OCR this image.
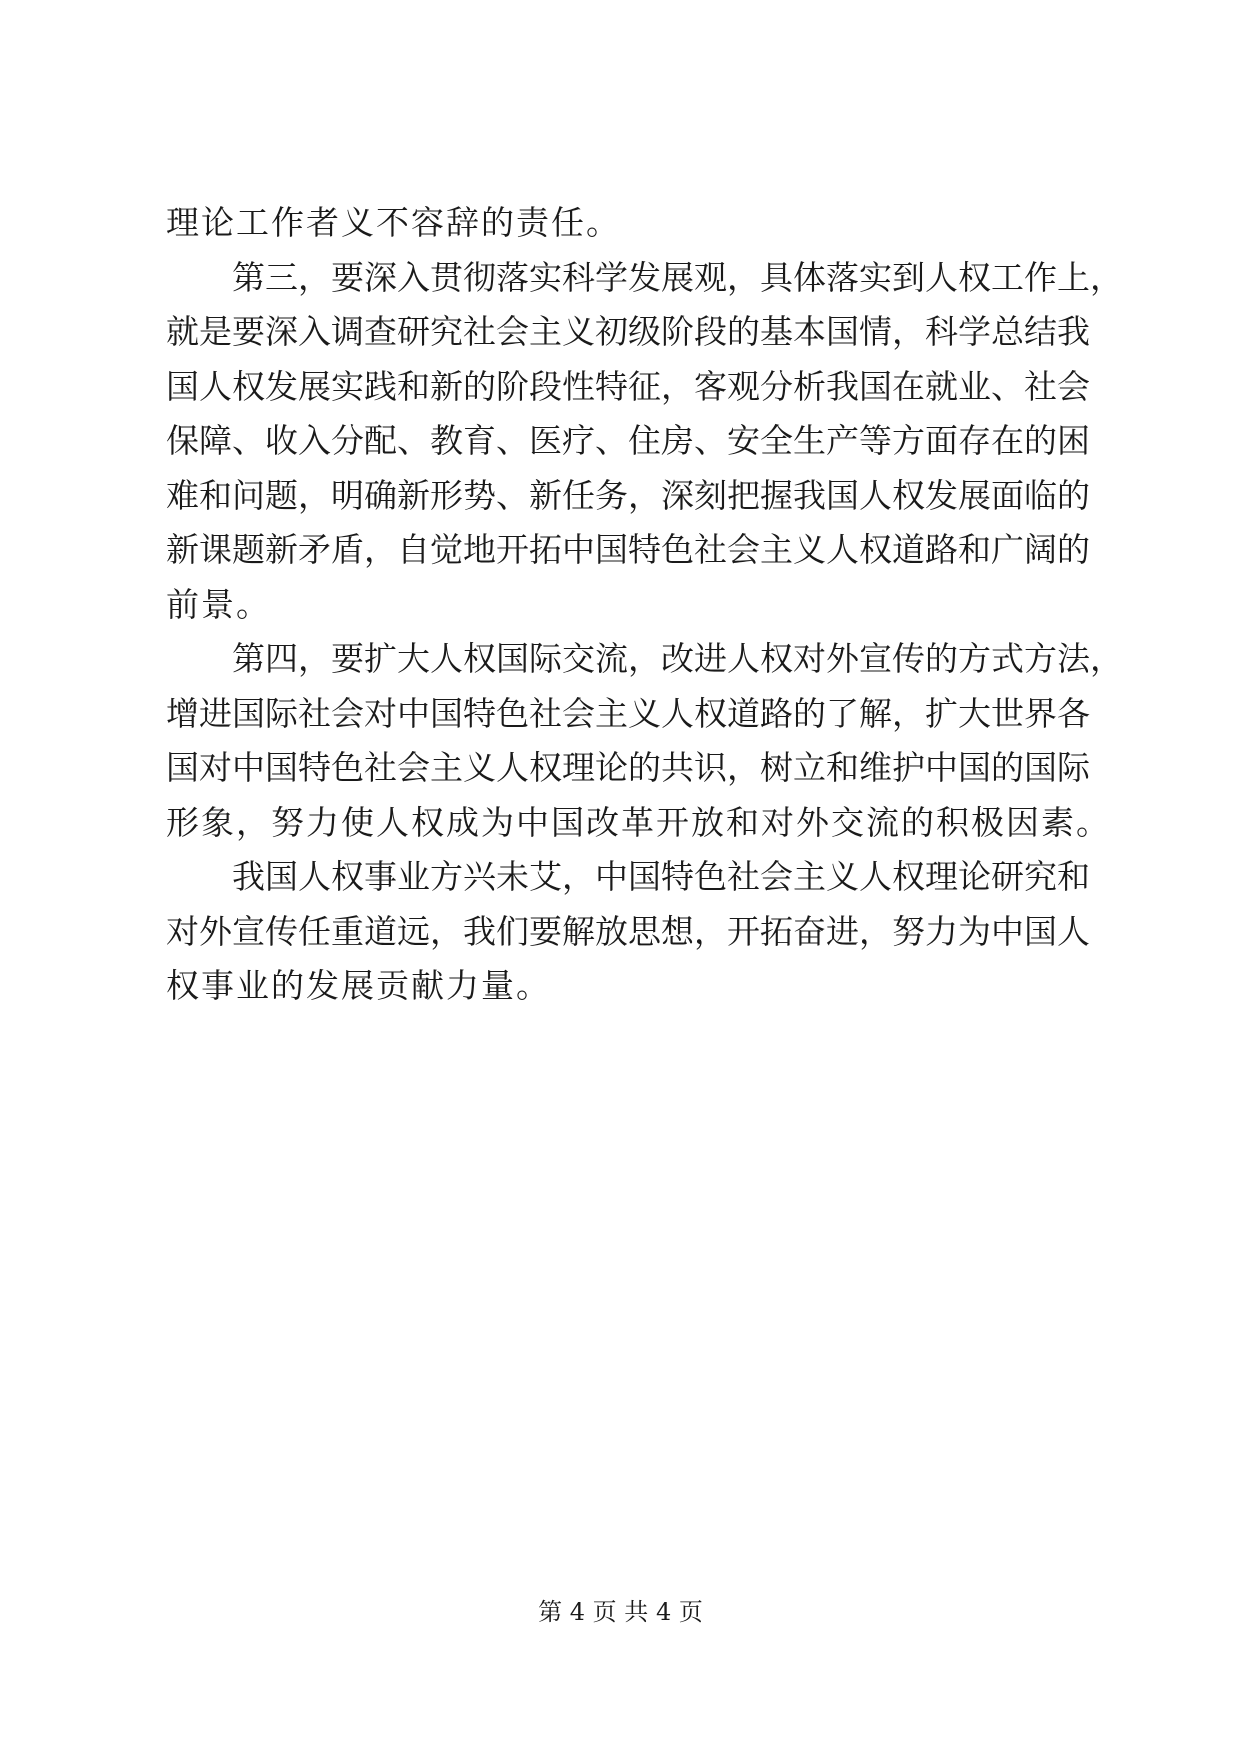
理论工作者义不容辞的责任。
　　第三，要深入贯彻落实科学发展观，具体落实到人权工作上，
就是要深入调查研究社会主义初级阶段的基本国情，科学总结我
国人权发展实践和新的阶段性特征，客观分析我国在就业、社会
保障、收入分配、教育、医疗、住房、安全生产等方面存在的困
难和问题，明确新形势、新任务，深刻把握我国人权发展面临的
新课题新矛盾，自觉地开拓中国特色社会主义人权道路和广阔的
前景。
　　第四，要扩大人权国际交流，改进人权对外宣传的方式方法，
增进国际社会对中国特色社会主义人权道路的了解，扩大世界各
国对中国特色社会主义人权理论的共识，树立和维护中国的国际
形象，努力使人权成为中国改革开放和对外交流的积极因素。
　　我国人权事业方兴未艾，中国特色社会主义人权理论研究和
对外宣传任重道远，我们要解放思想，开拓奋进，努力为中国人
权事业的发展贡献力量。
第 4 页 共 4 页
